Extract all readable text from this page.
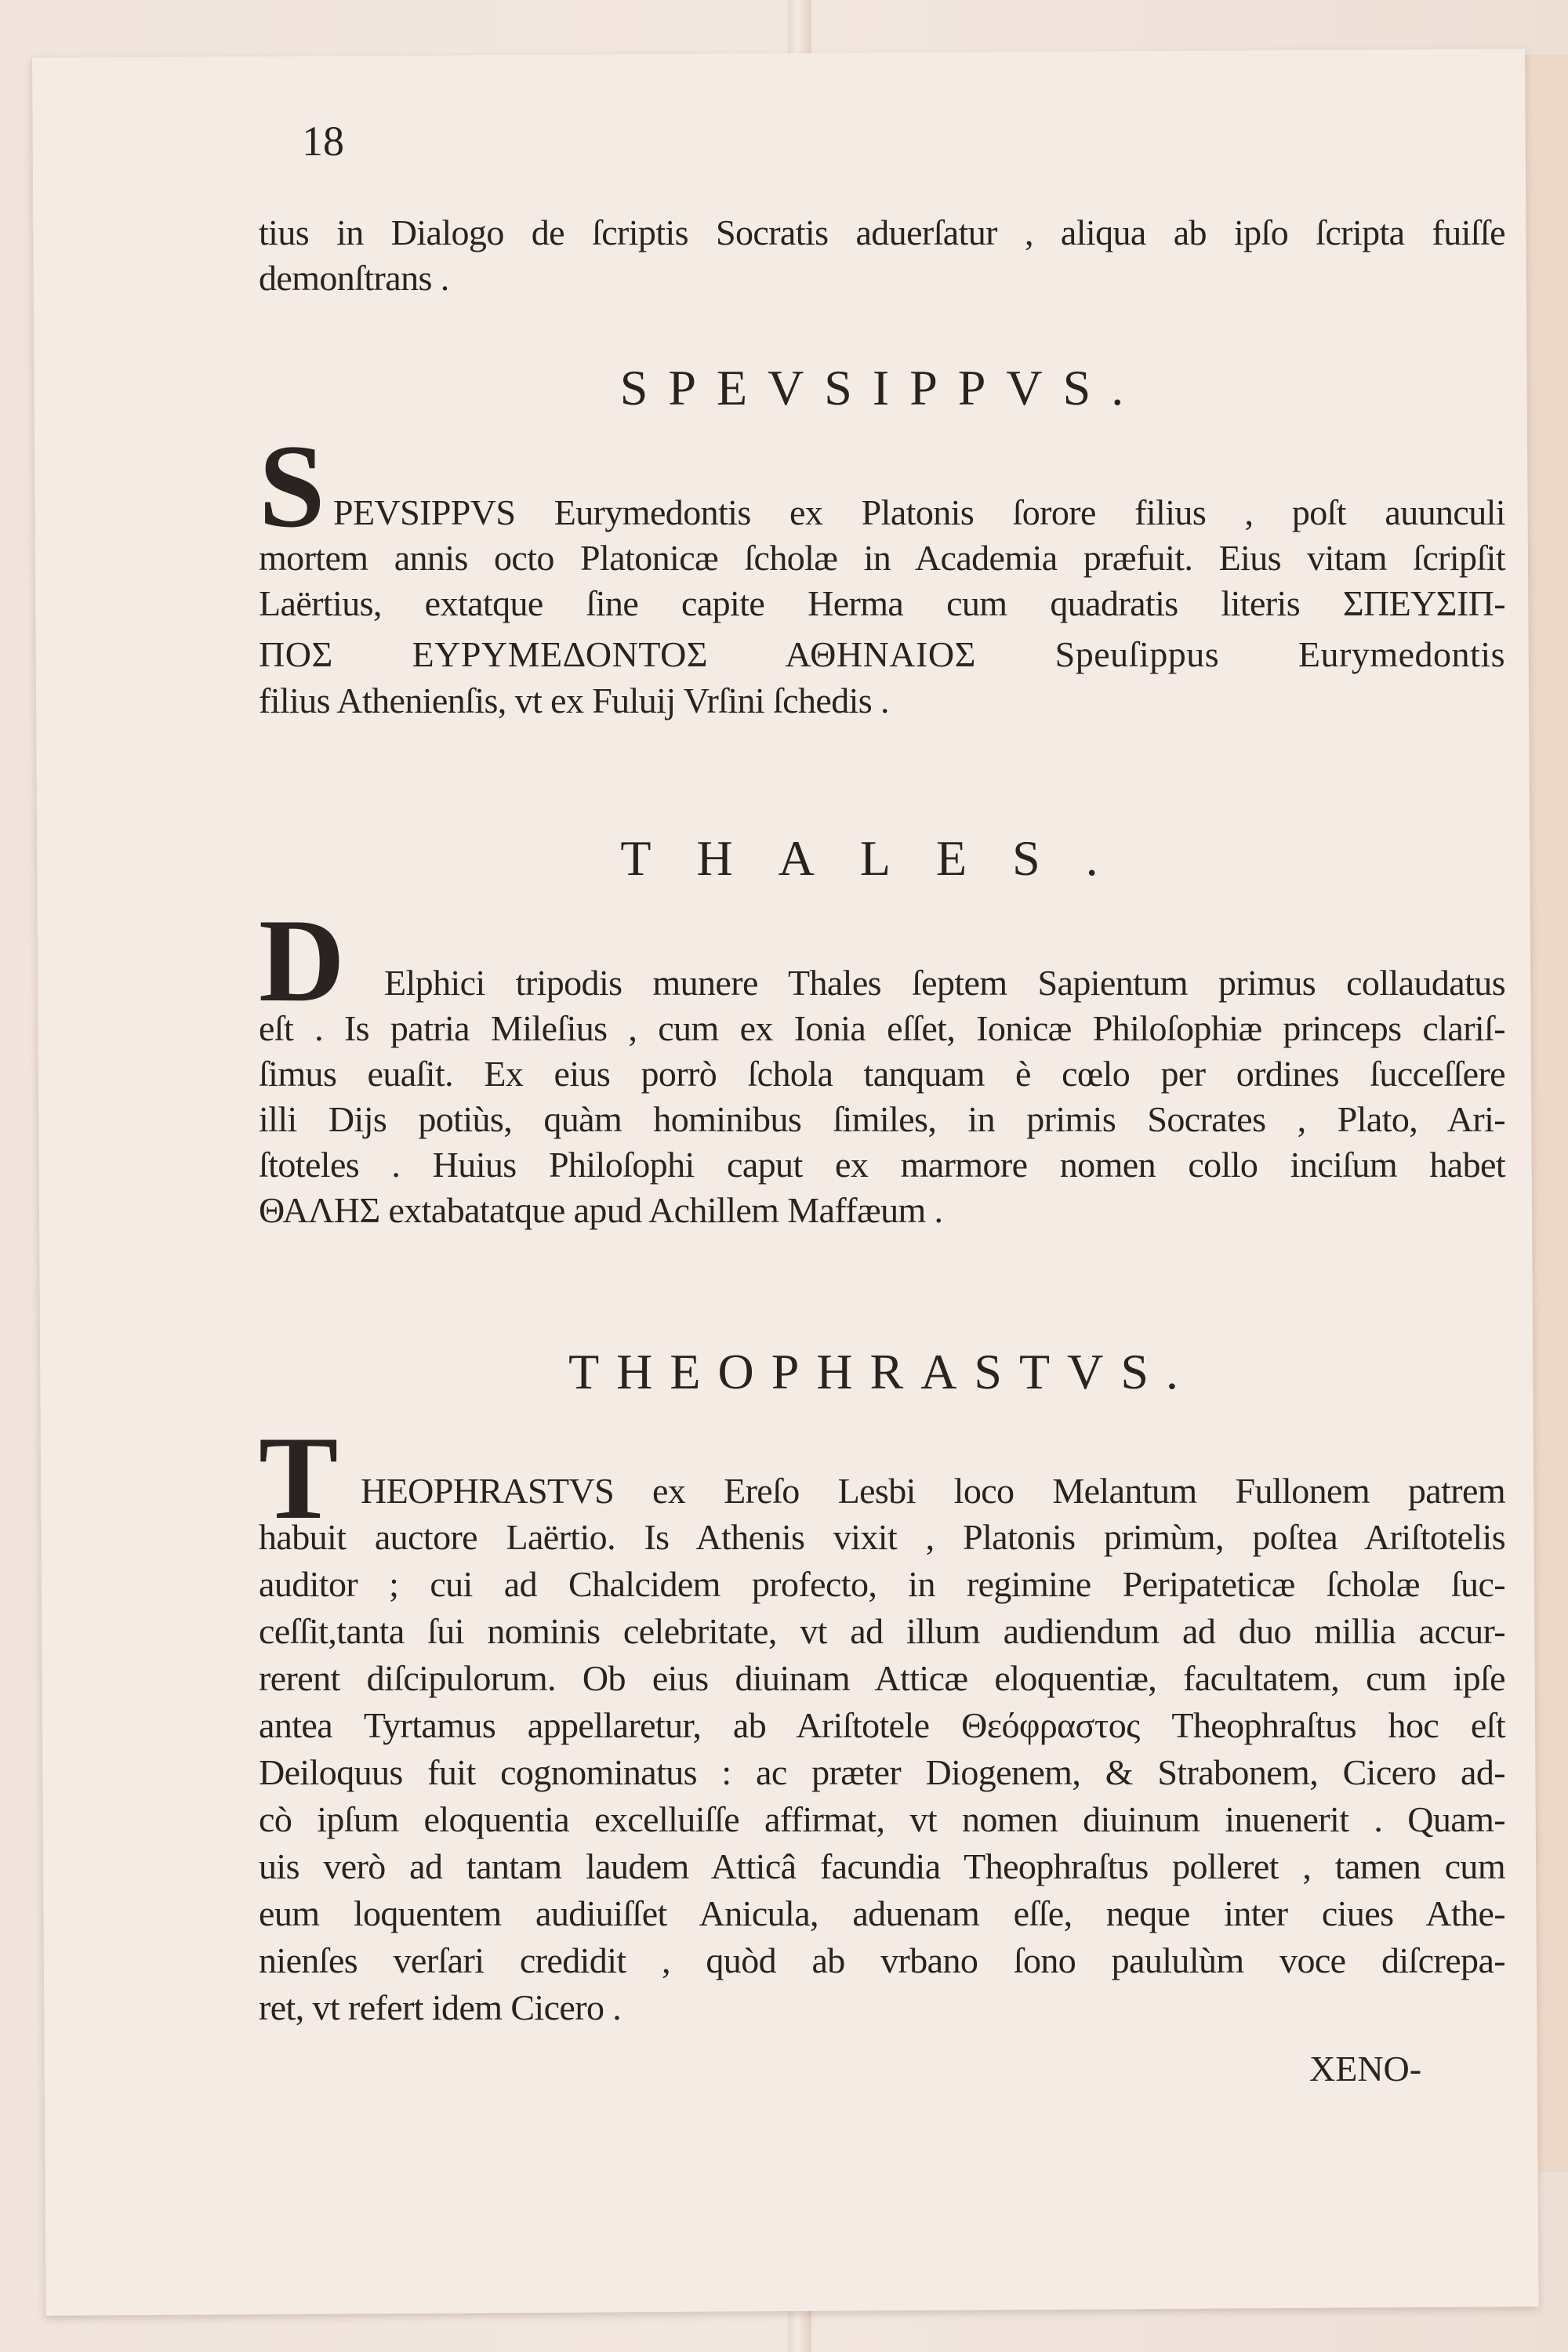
18
tius in Dialogo de ſcriptis Socratis aduerſatur , aliqua ab ipſo ſcripta fuiſſe
demonſtrans .
SPEVSIPPVS.
S PEVSIPPVS Eurymedontis ex Platonis ſorore filius , poſt auunculi
mortem annis octo Platonicæ ſcholæ in Academia præfuit. Eius vitam ſcripſit
Laërtius, extatque ſine capite Herma cum quadratis literis ΣΠΕΥΣΙΠ-
ΠΟΣ ΕΥΡΥΜΕΔΟΝΤΟΣ ΑΘΗΝΑΙΟΣ Speuſippus Eurymedontis
filius Athenienſis, vt ex Fuluij Vrſini ſchedis .
THALES.
D Elphici tripodis munere Thales ſeptem Sapientum primus collaudatus
eſt . Is patria Mileſius , cum ex Ionia eſſet, Ionicæ Philoſophiæ princeps clariſ-
ſimus euaſit. Ex eius porrò ſchola tanquam è cœlo per ordines ſucceſſere
illi Dijs potiùs, quàm hominibus ſimiles, in primis Socrates , Plato, Ari-
ſtoteles . Huius Philoſophi caput ex marmore nomen collo inciſum habet
ΘΑΛΗΣ extabatatque apud Achillem Maffæum .
THEOPHRASTVS.
T HEOPHRASTVS ex Ereſo Lesbi loco Melantum Fullonem patrem
habuit auctore Laërtio. Is Athenis vixit , Platonis primùm, poſtea Ariſtotelis
auditor ; cui ad Chalcidem profecto, in regimine Peripateticæ ſcholæ ſuc-
ceſſit,tanta ſui nominis celebritate, vt ad illum audiendum ad duo millia accur-
rerent diſcipulorum. Ob eius diuinam Atticæ eloquentiæ, facultatem, cum ipſe
antea Tyrtamus appellaretur, ab Ariſtotele Θεόφραστος Theophraſtus hoc eſt
Deiloquus fuit cognominatus : ac præter Diogenem, & Strabonem, Cicero ad-
cò ipſum eloquentia excelluiſſe affirmat, vt nomen diuinum inuenerit . Quam-
uis verò ad tantam laudem Atticâ facundia Theophraſtus polleret , tamen cum
eum loquentem audiuiſſet Anicula, aduenam eſſe, neque inter ciues Athe-
nienſes verſari credidit , quòd ab vrbano ſono paululùm voce diſcrepa-
ret, vt refert idem Cicero .
XENO-
